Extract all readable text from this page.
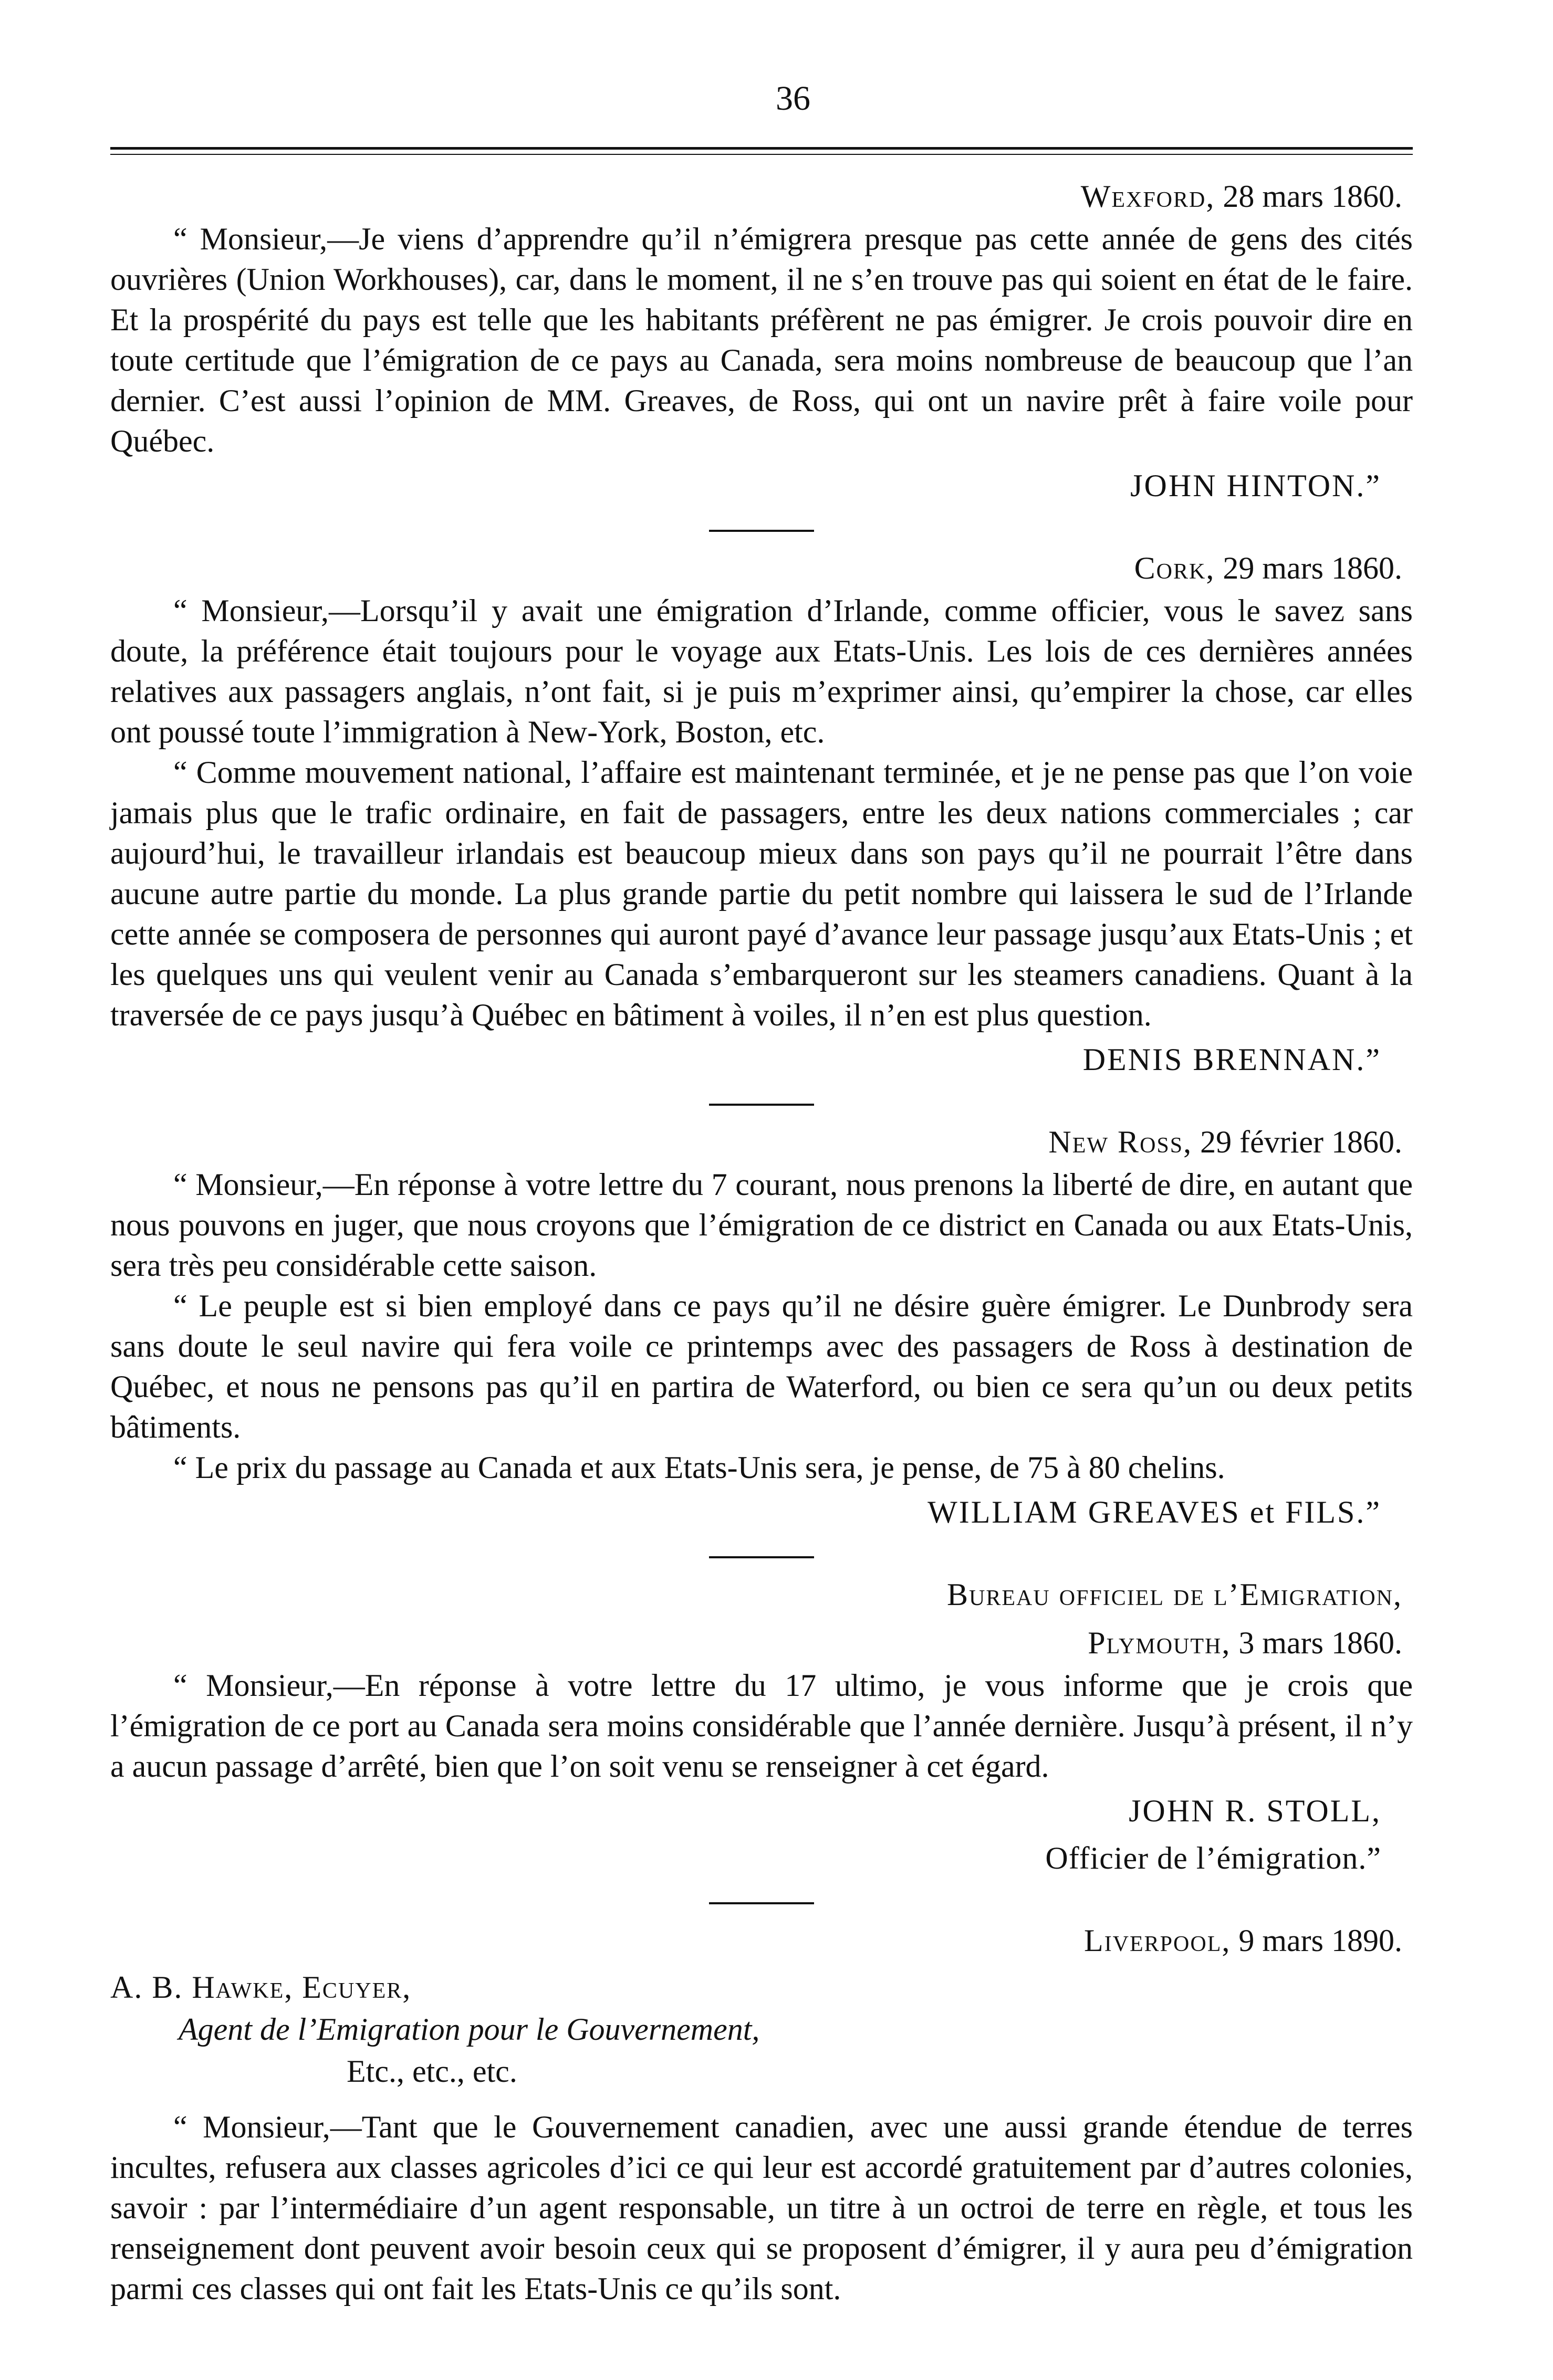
36
Wexford, 28 mars 1860.

“ Monsieur,—Je viens d’apprendre qu’il n’émigrera presque pas cette année de gens des cités ouvrières (Union Workhouses), car, dans le moment, il ne s’en trouve pas qui soient en état de le faire. Et la prospérité du pays est telle que les habitants préfèrent ne pas émigrer. Je crois pouvoir dire en toute certitude que l’émigration de ce pays au Canada, sera moins nombreuse de beaucoup que l’an dernier. C’est aussi l’opinion de MM. Greaves, de Ross, qui ont un navire prêt à faire voile pour Québec.

JOHN HINTON.”
Cork, 29 mars 1860.

“ Monsieur,—Lorsqu’il y avait une émigration d’Irlande, comme officier, vous le savez sans doute, la préférence était toujours pour le voyage aux Etats-Unis. Les lois de ces dernières années relatives aux passagers anglais, n’ont fait, si je puis m’exprimer ainsi, qu’empirer la chose, car elles ont poussé toute l’immigration à New-York, Boston, etc.

“ Comme mouvement national, l’affaire est maintenant terminée, et je ne pense pas que l’on voie jamais plus que le trafic ordinaire, en fait de passagers, entre les deux nations commerciales ; car aujourd’hui, le travailleur irlandais est beaucoup mieux dans son pays qu’il ne pourrait l’être dans aucune autre partie du monde. La plus grande partie du petit nombre qui laissera le sud de l’Irlande cette année se composera de personnes qui auront payé d’avance leur passage jusqu’aux Etats-Unis ; et les quelques uns qui veulent venir au Canada s’embarqueront sur les steamers canadiens. Quant à la traversée de ce pays jusqu’à Québec en bâtiment à voiles, il n’en est plus question.

DENIS BRENNAN.”
New Ross, 29 février 1860.

“ Monsieur,—En réponse à votre lettre du 7 courant, nous prenons la liberté de dire, en autant que nous pouvons en juger, que nous croyons que l’émigration de ce district en Canada ou aux Etats-Unis, sera très peu considérable cette saison.

“ Le peuple est si bien employé dans ce pays qu’il ne désire guère émigrer. Le Dunbrody sera sans doute le seul navire qui fera voile ce printemps avec des passagers de Ross à destination de Québec, et nous ne pensons pas qu’il en partira de Waterford, ou bien ce sera qu’un ou deux petits bâtiments.

“ Le prix du passage au Canada et aux Etats-Unis sera, je pense, de 75 à 80 chelins.

WILLIAM GREAVES et FILS.”
Bureau officiel de l’Emigration,
Plymouth, 3 mars 1860.

“ Monsieur,—En réponse à votre lettre du 17 ultimo, je vous informe que je crois que l’émigration de ce port au Canada sera moins considérable que l’année dernière. Jusqu’à présent, il n’y a aucun passage d’arrêté, bien que l’on soit venu se renseigner à cet égard.

JOHN R. STOLL,
Officier de l’émigration.”
Liverpool, 9 mars 1890.
A. B. Hawke, Ecuyer,
Agent de l’Emigration pour le Gouvernement,
Etc., etc., etc.

“ Monsieur,—Tant que le Gouvernement canadien, avec une aussi grande étendue de terres incultes, refusera aux classes agricoles d’ici ce qui leur est accordé gratuitement par d’autres colonies, savoir : par l’intermédiaire d’un agent responsable, un titre à un octroi de terre en règle, et tous les renseignement dont peuvent avoir besoin ceux qui se proposent d’émigrer, il y aura peu d’émigration parmi ces classes qui ont fait les Etats-Unis ce qu’ils sont.
